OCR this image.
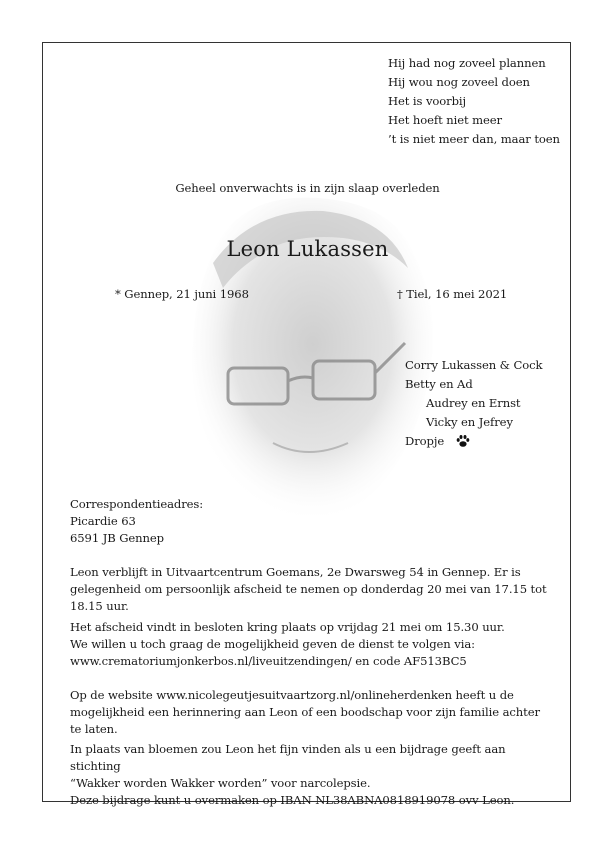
Hij had nog zoveel plannen
Hij wou nog zoveel doen
Het is voorbij
Het hoeft niet meer
’t is niet meer dan, maar toen
Geheel onverwachts is in zijn slaap overleden
Leon Lukassen
* Gennep, 21 juni 1968	† Tiel, 16 mei 2021
Corry Lukassen & Cock
Betty en Ad
Audrey en Ernst
Vicky en Jefrey
Dropje
Correspondentieadres:
Picardie 63
6591 JB Gennep
Leon verblijft in Uitvaartcentrum Goemans, 2e Dwarsweg 54 in Gennep. Er is gelegenheid om persoonlijk afscheid te nemen op donderdag 20 mei van 17.15 tot 18.15 uur.
Het afscheid vindt in besloten kring plaats op vrijdag 21 mei om 15.30 uur.
We willen u toch graag de mogelijkheid geven de dienst te volgen via:
www.crematoriumjonkerbos.nl/liveuitzendingen/ en code AF513BC5
Op de website www.nicolegeutjesuitvaartzorg.nl/onlineherdenken heeft u de mogelijkheid een herinnering aan Leon of een boodschap voor zijn familie achter te laten.
In plaats van bloemen zou Leon het fijn vinden als u een bijdrage geeft aan stichting
“Wakker worden Wakker worden” voor narcolepsie.
Deze bijdrage kunt u overmaken op IBAN NL38ABNA0818919078 ovv Leon.
